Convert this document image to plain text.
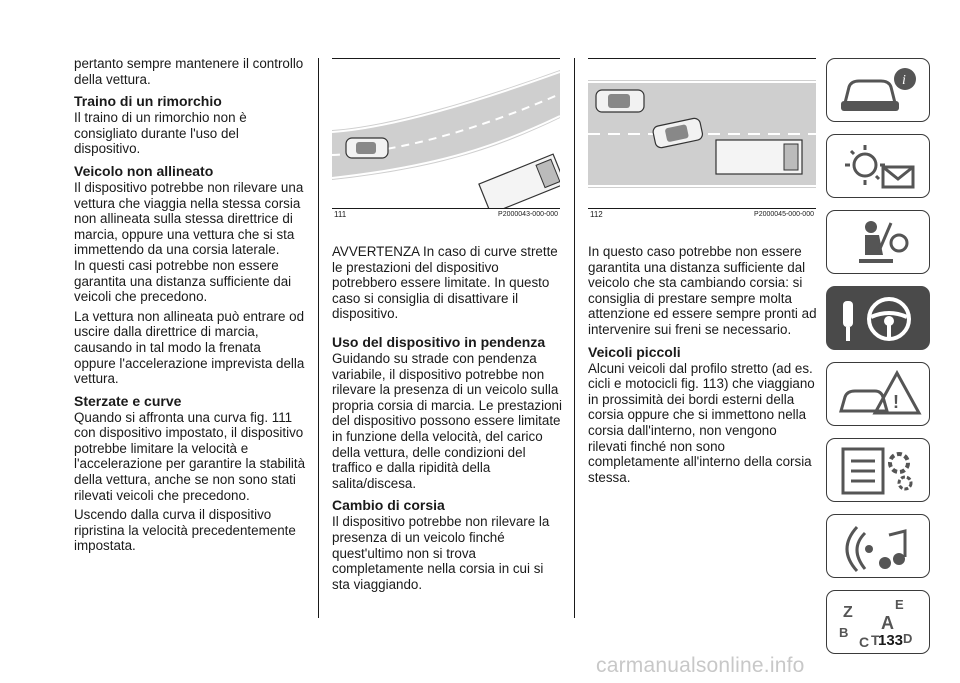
pertanto sempre mantenere il controllo della vettura.

Traino di un rimorchio

Il traino di un rimorchio non è consigliato durante l'uso del dispositivo.

Veicolo non allineato

Il dispositivo potrebbe non rilevare una vettura che viaggia nella stessa corsia non allineata sulla stessa direttrice di marcia, oppure una vettura che si sta immettendo da una corsia laterale.

In questi casi potrebbe non essere garantita una distanza sufficiente dai veicoli che precedono.

La vettura non allineata può entrare od uscire dalla direttrice di marcia, causando in tal modo la frenata oppure l'accelerazione imprevista della vettura.

Sterzate e curve

Quando si affronta una curva fig. 111 con dispositivo impostato, il dispositivo potrebbe limitare la velocità e l'accelerazione per garantire la stabilità della vettura, anche se non sono stati rilevati veicoli che precedono.

Uscendo dalla curva il dispositivo ripristina la velocità precedentemente impostata.

111	P2000043-000-000	112	P2000045-000-000

AVVERTENZA In caso di curve strette le prestazioni del dispositivo potrebbero essere limitate. In questo caso si consiglia di disattivare il dispositivo.

Uso del dispositivo in pendenza

Guidando su strade con pendenza variabile, il dispositivo potrebbe non rilevare la presenza di un veicolo sulla propria corsia di marcia. Le prestazioni del dispositivo possono essere limitate in funzione della velocità, del carico della vettura, delle condizioni del traffico e dalla ripidità della salita/discesa.

Cambio di corsia

Il dispositivo potrebbe non rilevare la presenza di un veicolo finché quest'ultimo non si trova completamente nella corsia in cui si sta viaggiando.

In questo caso potrebbe non essere garantita una distanza sufficiente dal veicolo che sta cambiando corsia: si consiglia di prestare sempre molta attenzione ed essere sempre pronti ad intervenire sui freni se necessario.

Veicoli piccoli

Alcuni veicoli dal profilo stretto (ad es. cicli e motocicli fig. 113) che viaggiano in prossimità dei bordi esterni della corsia oppure che si immettono nella corsia dall'interno, non vengono rilevati finché non sono completamente all'interno della corsia stessa.

i
!
Z	E
B A
C T D
133
carmanualsonline.info
